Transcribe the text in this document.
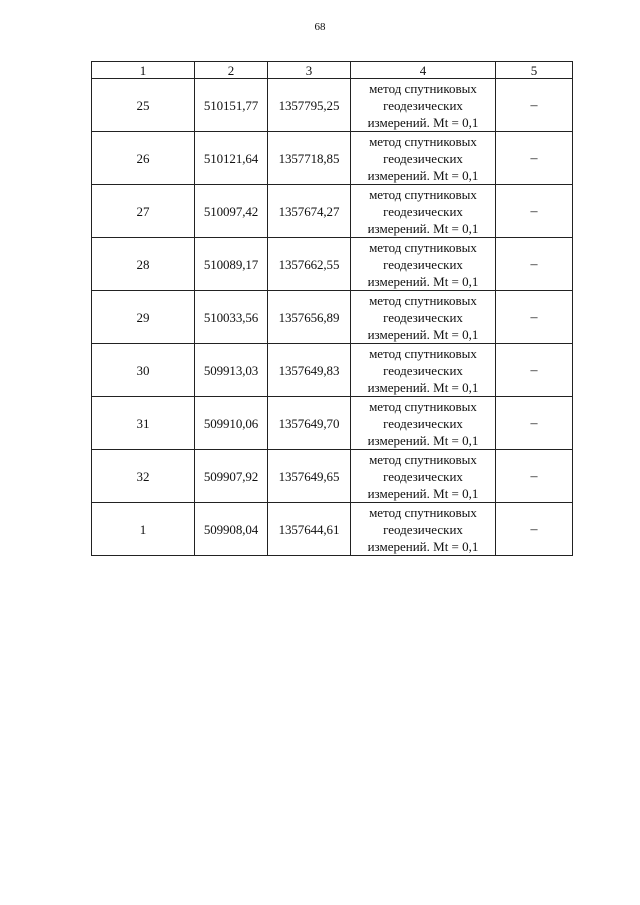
68
1	2	3	4	5
25	510151,77	1357795,25	метод спутниковых
геодезических
измерений. Mt = 0,1	–
26	510121,64	1357718,85	метод спутниковых
геодезических
измерений. Mt = 0,1	–
27	510097,42	1357674,27	метод спутниковых
геодезических
измерений. Mt = 0,1	–
28	510089,17	1357662,55	метод спутниковых
геодезических
измерений. Mt = 0,1	–
29	510033,56	1357656,89	метод спутниковых
геодезических
измерений. Mt = 0,1	–
30	509913,03	1357649,83	метод спутниковых
геодезических
измерений. Mt = 0,1	–
31	509910,06	1357649,70	метод спутниковых
геодезических
измерений. Mt = 0,1	–
32	509907,92	1357649,65	метод спутниковых
геодезических
измерений. Mt = 0,1	–
1	509908,04	1357644,61	метод спутниковых
геодезических
измерений. Mt = 0,1	–
